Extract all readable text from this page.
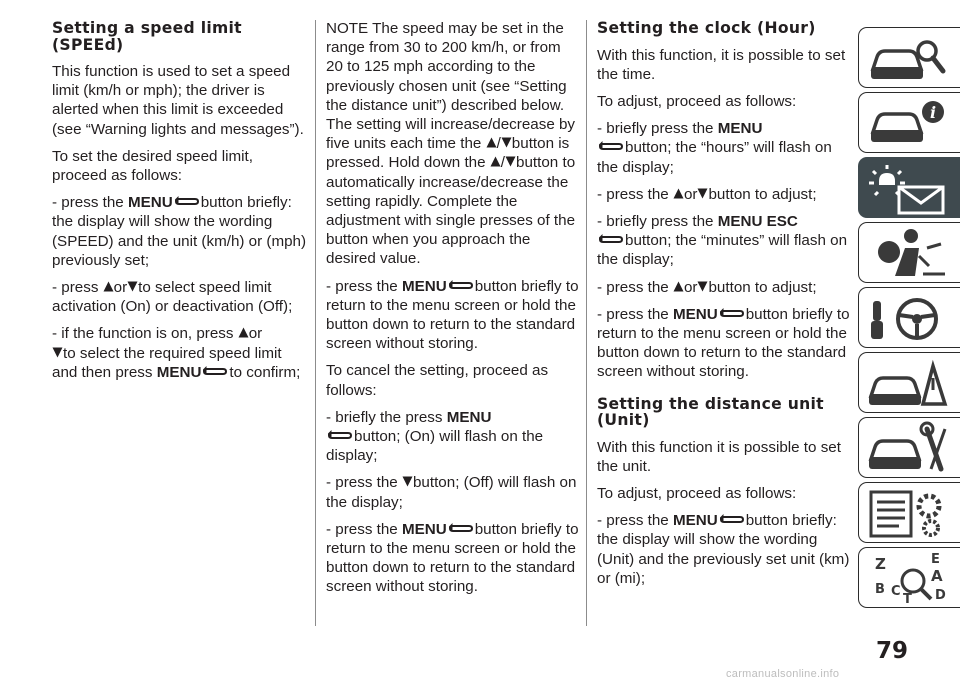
Setting a speed limit (SPEEd)

This function is used to set a speed limit (km/h or mph); the driver is alerted when this limit is exceeded (see “Warning lights and messages”).

To set the desired speed limit, proceed as follows:

- press the MENU button briefly: the display will show the wording (SPEED) and the unit (km/h) or (mph) previously set;

- press or to select speed limit activation (On) or deactivation (Off);

- if the function is on, press or
to select the required speed limit and then press MENU to confirm;

NOTE The speed may be set in the range from 30 to 200 km/h, or from 20 to 125 mph according to the previously chosen unit (see “Setting the distance unit”) described below. The setting will increase/decrease by five units each time the / button is pressed. Hold down the / button to automatically increase/decrease the setting rapidly. Complete the adjustment with single presses of the button when you approach the desired value.

- press the MENU button briefly to return to the menu screen or hold the button down to return to the standard screen without storing.

To cancel the setting, proceed as follows:

- briefly the press MENU
button; (On) will flash on the display;

- press the button; (Off) will flash on the display;

- press the MENU button briefly to return to the menu screen or hold the button down to return to the standard screen without storing.

Setting the clock (Hour)

With this function, it is possible to set the time.

To adjust, proceed as follows:

- briefly press the MENU
button; the “hours” will flash on the display;

- press the or button to adjust;

- briefly press the MENU ESC
button; the “minutes” will flash on the display;

- press the or button to adjust;

- press the MENU button briefly to return to the menu screen or hold the button down to return to the standard screen without storing.

Setting the distance unit (Unit)

With this function it is possible to set the unit.

To adjust, proceed as follows:

- press the MENU button briefly: the display will show the wording (Unit) and the previously set unit (km) or (mi);

i
Z	E
A
B C
T D
79
carmanualsonline.info
